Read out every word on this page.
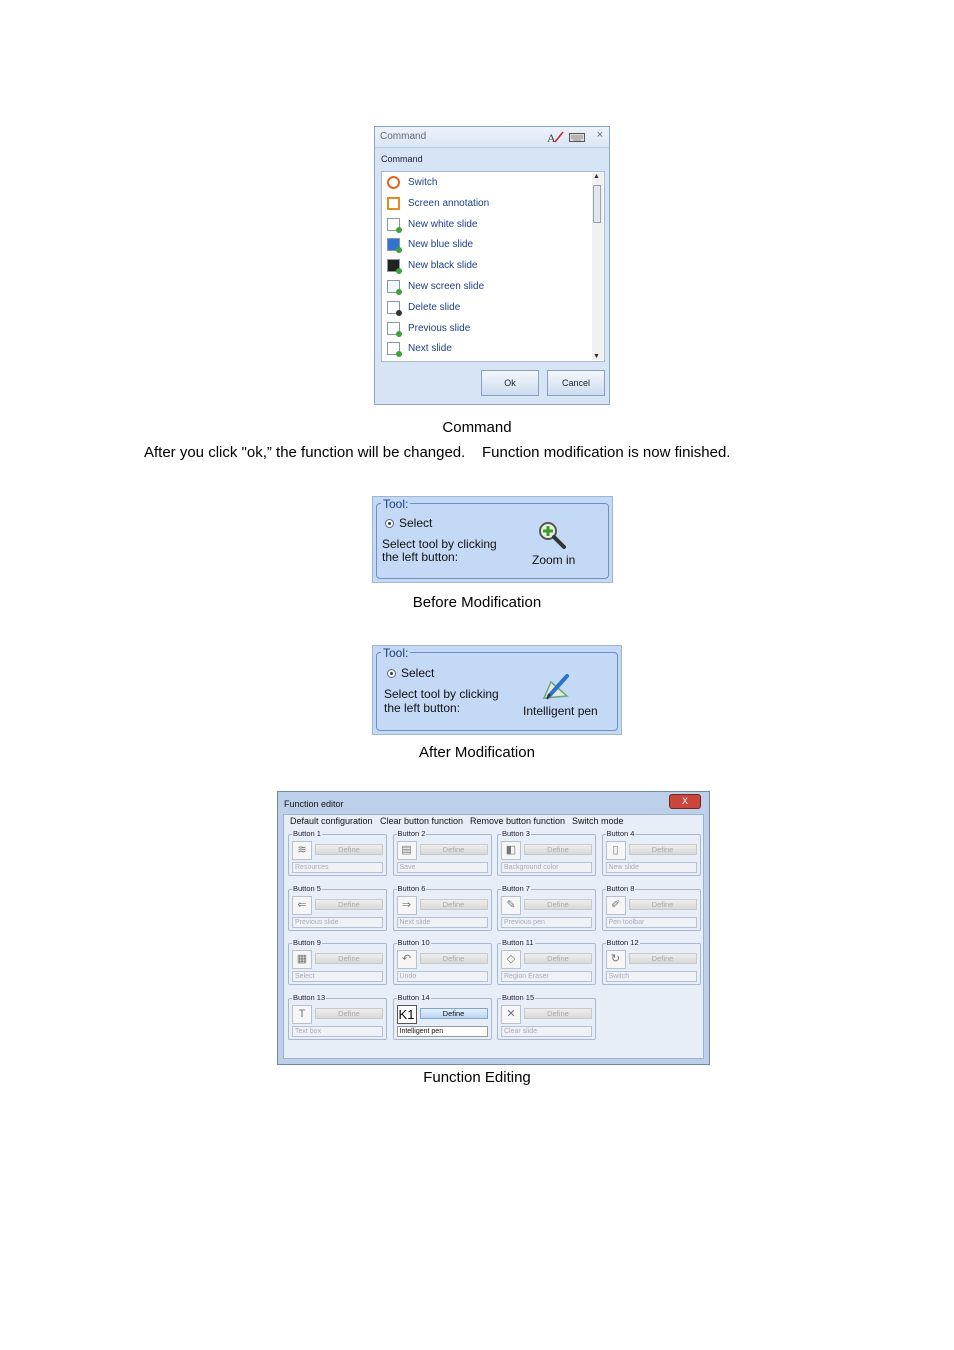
Command	A	×
Command
Switch
Screen annotation
New white slide
New blue slide
New black slide
New screen slide
Delete slide
Previous slide
Next slide
▲
▼
Ok	Cancel
Command
After you click "ok,” the function will be changed.    Function modification is now finished.
Tool:
Select
Select tool by clicking
the left button:	Zoom in
Before Modification
Tool:
Select
Select tool by clicking
the left button:	Intelligent pen
After Modification
Function editor	X
Default configuration Clear button function Remove button function Switch mode
Button 1
≋	Define
Resources
Button 2
▤	Define
Save
Button 3
◧	Define
Background color
Button 4
▯	Define
New slide
Button 5
⇐	Define
Previous slide
Button 6
⇒	Define
Next slide
Button 7
✎	Define
Previous pen
Button 8
✐	Define
Pen toolbar
Button 9
▦	Define
Select
Button 10
↶	Define
Undo
Button 11
◇	Define
Region Eraser
Button 12
↻	Define
Switch
Button 13
T	Define
Text box
Button 14
K1	Define
Intelligent pen
Button 15
✕	Define
Clear slide
Function Editing
